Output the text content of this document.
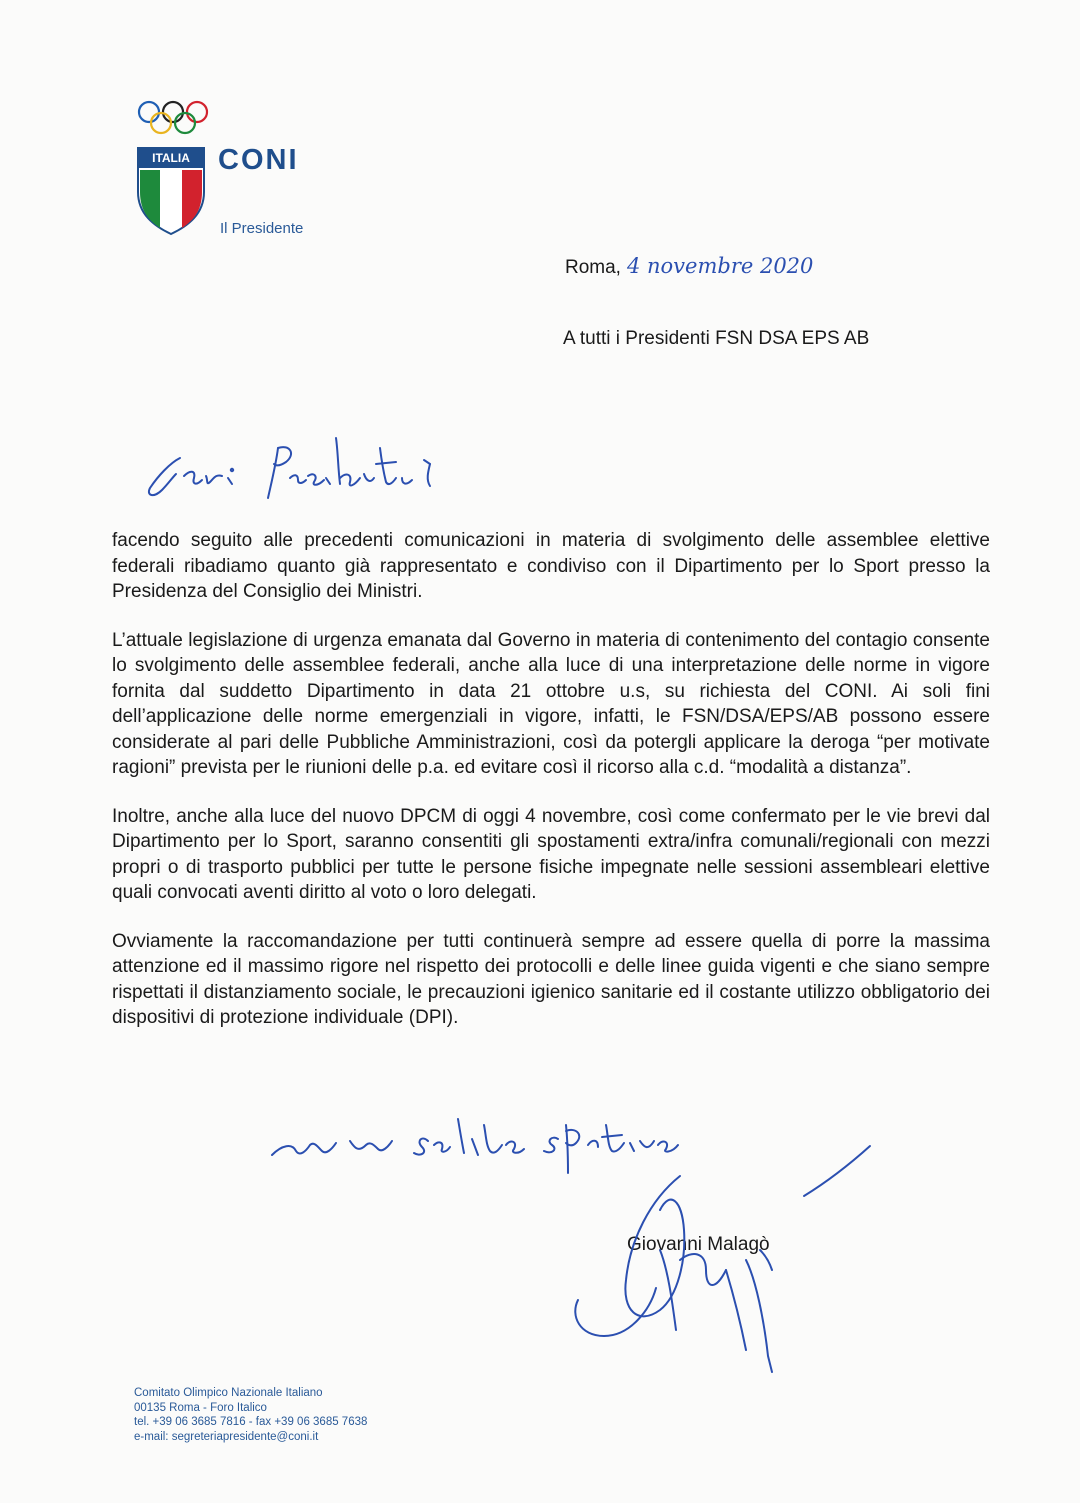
ITALIA CONI
Il Presidente
Roma, 4 novembre 2020
A tutti i Presidenti FSN DSA EPS AB

facendo seguito alle precedenti comunicazioni in materia di svolgimento delle assemblee elettive federali ribadiamo quanto già rappresentato e condiviso con il Dipartimento per lo Sport presso la Presidenza del Consiglio dei Ministri.

L’attuale legislazione di urgenza emanata dal Governo in materia di contenimento del contagio consente lo svolgimento delle assemblee federali, anche alla luce di una interpretazione delle norme in vigore fornita dal suddetto Dipartimento in data 21 ottobre u.s, su richiesta del CONI. Ai soli fini dell’applicazione delle norme emergenziali in vigore, infatti, le FSN/DSA/EPS/AB possono essere considerate al pari delle Pubbliche Amministrazioni, così da potergli applicare la deroga “per motivate ragioni” prevista per le riunioni delle p.a. ed evitare così il ricorso alla c.d. “modalità a distanza”.

Inoltre, anche alla luce del nuovo DPCM di oggi 4 novembre, così come confermato per le vie brevi dal Dipartimento per lo Sport, saranno consentiti gli spostamenti extra/infra comunali/regionali con mezzi propri o di trasporto pubblici per tutte le persone fisiche impegnate nelle sessioni assembleari elettive quali convocati aventi diritto al voto o loro delegati.

Ovviamente la raccomandazione per tutti continuerà sempre ad essere quella di porre la massima attenzione ed il massimo rigore nel rispetto dei protocolli e delle linee guida vigenti e che siano sempre rispettati il distanziamento sociale, le precauzioni igienico sanitarie ed il costante utilizzo obbligatorio dei dispositivi di protezione individuale (DPI).

Giovanni Malagò
Comitato Olimpico Nazionale Italiano
00135 Roma - Foro Italico
tel. +39 06 3685 7816 - fax +39 06 3685 7638
e-mail: segreteriapresidente@coni.it
